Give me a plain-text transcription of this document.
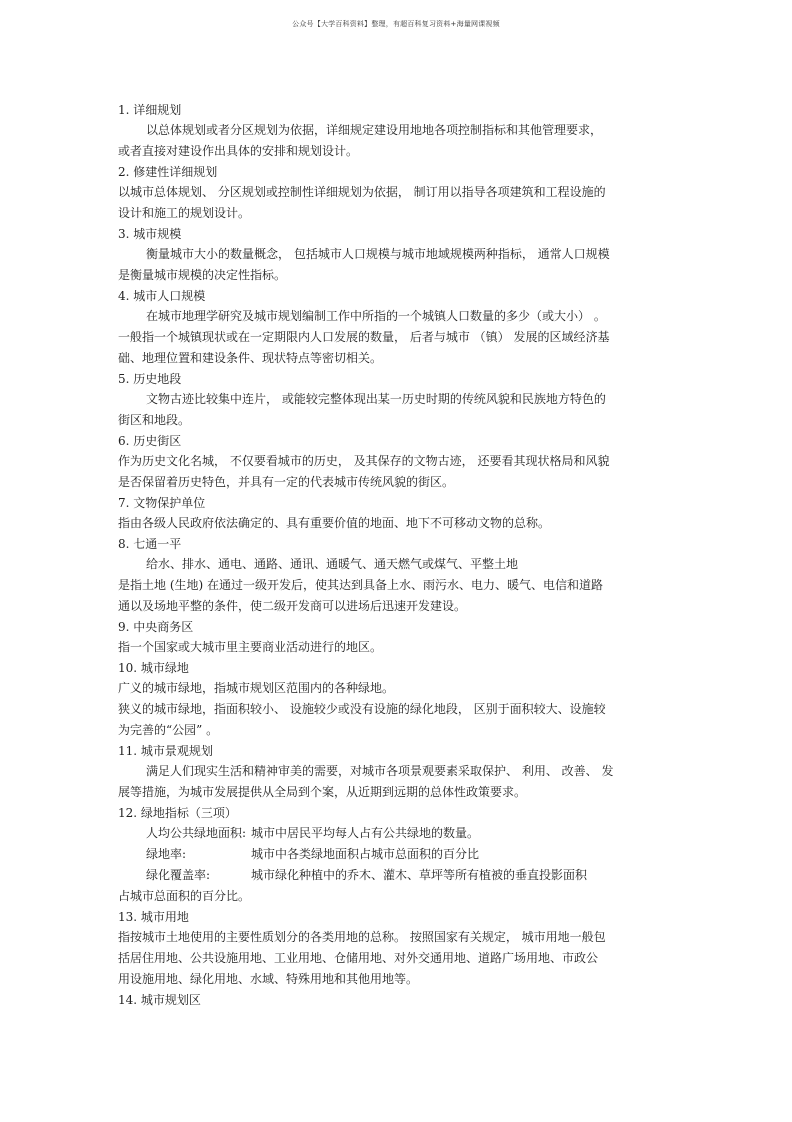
公众号【大学百科资料】整理，有超百科复习资料+海量网课视频
1. 详细规划
以总体规划或者分区规划为依据，详细规定建设用地地各项控制指标和其他管理要求，
或者直接对建设作出具体的安排和规划设计。
2. 修建性详细规划
以城市总体规划、 分区规划或控制性详细规划为依据， 制订用以指导各项建筑和工程设施的
设计和施工的规划设计。
3. 城市规模
衡量城市大小的数量概念， 包括城市人口规模与城市地域规模两种指标， 通常人口规模
是衡量城市规模的决定性指标。
4. 城市人口规模
在城市地理学研究及城市规划编制工作中所指的一个城镇人口数量的多少（或大小） 。
一般指一个城镇现状或在一定期限内人口发展的数量， 后者与城市 （镇） 发展的区域经济基
础、地理位置和建设条件、现状特点等密切相关。
5. 历史地段
文物古迹比较集中连片， 或能较完整体现出某一历史时期的传统风貌和民族地方特色的
街区和地段。
6. 历史街区
作为历史文化名城， 不仅要看城市的历史， 及其保存的文物古迹， 还要看其现状格局和风貌
是否保留着历史特色，并具有一定的代表城市传统风貌的街区。
7. 文物保护单位
指由各级人民政府依法确定的、具有重要价值的地面、地下不可移动文物的总称。
8. 七通一平
给水、排水、通电、通路、通讯、通暖气、通天燃气或煤气、平整土地
是指土地 (生地) 在通过一级开发后，使其达到具备上水、雨污水、电力、暖气、电信和道路
通以及场地平整的条件，使二级开发商可以进场后迅速开发建设。
9. 中央商务区
指一个国家或大城市里主要商业活动进行的地区。
10. 城市绿地
广义的城市绿地，指城市规划区范围内的各种绿地。
狭义的城市绿地，指面积较小、 设施较少或没有设施的绿化地段， 区别于面积较大、设施较
为完善的“公园” 。
11. 城市景观规划
满足人们现实生活和精神审美的需要，对城市各项景观要素采取保护、 利用、 改善、 发
展等措施，为城市发展提供从全局到个案，从近期到远期的总体性政策要求。
12. 绿地指标（三项）
人均公共绿地面积: 城市中居民平均每人占有公共绿地的数量。
绿地率:	城市中各类绿地面积占城市总面积的百分比
绿化覆盖率:	城市绿化种植中的乔木、灌木、草坪等所有植被的垂直投影面积
占城市总面积的百分比。
13. 城市用地
指按城市土地使用的主要性质划分的各类用地的总称。 按照国家有关规定， 城市用地一般包
括居住用地、公共设施用地、工业用地、仓储用地、对外交通用地、道路广场用地、市政公
用设施用地、绿化用地、水域、特殊用地和其他用地等。
14. 城市规划区
